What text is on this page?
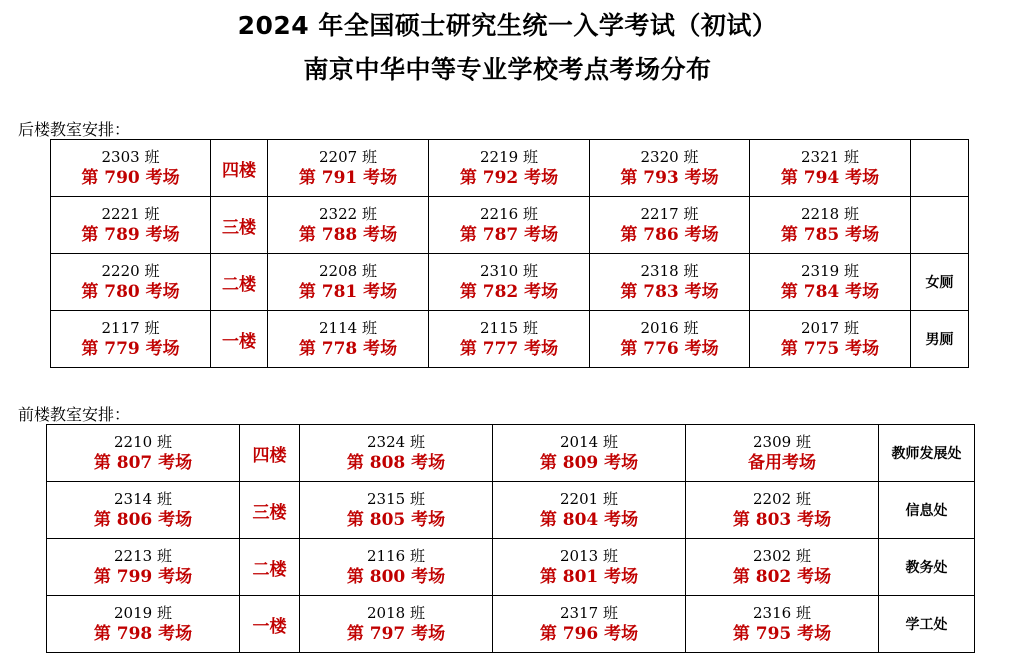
2024 年全国硕士研究生统一入学考试（初试）
南京中华中等专业学校考点考场分布
后楼教室安排：
2303 班
第 790 考场	四楼	2207 班
第 791 考场	2219 班
第 792 考场	2320 班
第 793 考场	2321 班
第 794 考场	

2221 班
第 789 考场	三楼	2322 班
第 788 考场	2216 班
第 787 考场	2217 班
第 786 考场	2218 班
第 785 考场	

2220 班
第 780 考场	二楼	2208 班
第 781 考场	2310 班
第 782 考场	2318 班
第 783 考场	2319 班
第 784 考场	女厕

2117 班
第 779 考场	一楼	2114 班
第 778 考场	2115 班
第 777 考场	2016 班
第 776 考场	2017 班
第 775 考场	男厕
前楼教室安排：
2210 班
第 807 考场	四楼	2324 班
第 808 考场	2014 班
第 809 考场	2309 班
备用考场	教师发展处

2314 班
第 806 考场	三楼	2315 班
第 805 考场	2201 班
第 804 考场	2202 班
第 803 考场	信息处

2213 班
第 799 考场	二楼	2116 班
第 800 考场	2013 班
第 801 考场	2302 班
第 802 考场	教务处

2019 班
第 798 考场	一楼	2018 班
第 797 考场	2317 班
第 796 考场	2316 班
第 795 考场	学工处
